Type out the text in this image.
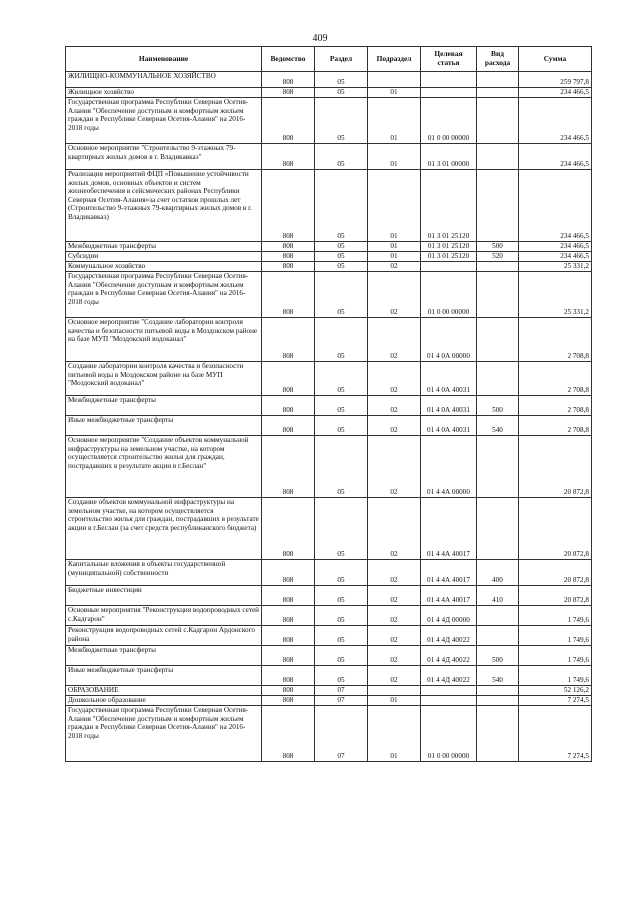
409
Наименование	Ведомство	Раздел	Подраздел	Целевая статья	Вид расхода	Сумма
ЖИЛИЩНО-КОММУНАЛЬНОЕ ХОЗЯЙСТВО	808	05				259 797,8
Жилищное хозяйство	808	05	01			234 466,5
Государственная программа Республики Северная Осетия-Алания "Обеспечение доступным и комфортным жильем граждан в Республике Северная Осетия-Алания" на 2016-2018 годы	808	05	01	01 0 00 00000		234 466,5
Основное мероприятие "Строительство 9-этажных 79-квартирных жилых домов в г. Владикавказ"	808	05	01	01 3 01 00000		234 466,5
Реализация мероприятий ФЦП «Повышение устойчивости жилых домов, основных объектов и систем жизнеобеспечения в сейсмических районах Республики Северная Осетия-Алания»за счет остатков прошлых лет (Строительство 9-этажных 79-квартирных жилых домов в г. Владикавказ)	808	05	01	01 3 01 25120		234 466,5
Межбюджетные трансферты	808	05	01	01 3 01 25120	500	234 466,5
Субсидии	808	05	01	01 3 01 25120	520	234 466,5
Коммунальное хозяйство	808	05	02			25 331,2
Государственная программа Республики Северная Осетия-Алания "Обеспечение доступным и комфортным жильем граждан в Республике Северная Осетия-Алания" на 2016-2018 годы	808	05	02	01 0 00 00000		25 331,2
Основное мероприятие "Создание лаборатории контроля качества и безопасности питьевой воды в Моздокском районе на базе МУП "Моздокский водоканал"	808	05	02	01 4 0А 00000		2 708,8
Создание лаборатории контроля качества и безопасности питьевой воды в Моздокском районе на базе МУП "Моздокский водоканал"	808	05	02	01 4 0А 40031		2 708,8
Межбюджетные трансферты	808	05	02	01 4 0А 40031	500	2 708,8
Иные межбюджетные трансферты	808	05	02	01 4 0А 40031	540	2 708,8
Основное мероприятие "Создание объектов коммунальной инфраструктуры на земельном участке, на котором осуществляется строительство жилья для граждан, пострадавших в результате акции в г.Беслан"	808	05	02	01 4 4А 00000		20 872,8
Создание объектов коммунальной инфраструктуры на земельном участке, на котором осуществляется строительство жилья для граждан, пострадавших в результате акции в г.Беслан (за счет средств республиканского бюджета)	808	05	02	01 4 4А 40017		20 872,8
Капитальные вложения в объекты государственной (муниципальной) собственности	808	05	02	01 4 4А 40017	400	20 872,8
Бюджетные инвестиции	808	05	02	01 4 4А 40017	410	20 872,8
Основные мероприятия "Реконструкция водопроводных сетей с.Кадгарон"	808	05	02	01 4 4Д 00000		1 749,6
Реконструкция водопроводных сетей с.Кадгарон Ардонского района	808	05	02	01 4 4Д 40022		1 749,6
Межбюджетные трансферты	808	05	02	01 4 4Д 40022	500	1 749,6
Иные межбюджетные трансферты	808	05	02	01 4 4Д 40022	540	1 749,6
ОБРАЗОВАНИЕ	808	07				52 126,2
Дошкольное образование	808	07	01			7 274,5
Государственная программа Республики Северная Осетия-Алания "Обеспечение доступным и комфортным жильем граждан в Республике Северная Осетия-Алания" на 2016-2018 годы	808	07	01	01 0 00 00000		7 274,5
